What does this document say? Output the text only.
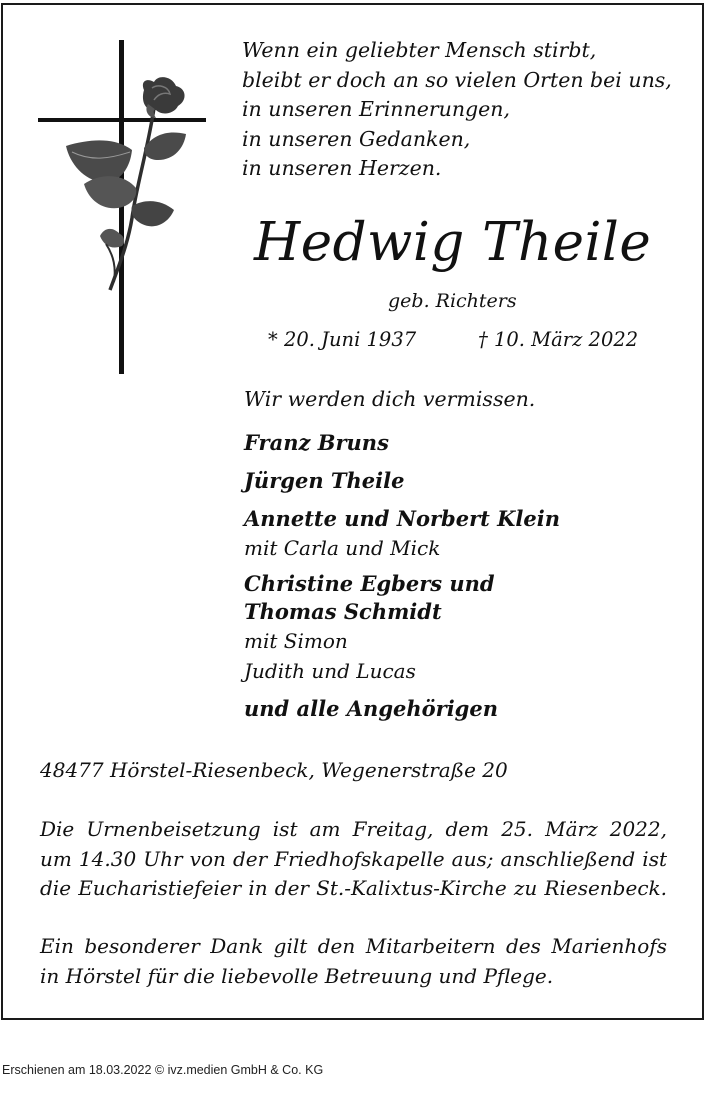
Wenn ein geliebter Mensch stirbt,
bleibt er doch an so vielen Orten bei uns,
in unseren Erinnerungen,
in unseren Gedanken,
in unseren Herzen.
Hedwig Theile
geb. Richters
* 20. Juni 1937	† 10. März 2022
Wir werden dich vermissen.
Franz Bruns
Jürgen Theile
Annette und Norbert Klein
mit Carla und Mick
Christine Egbers und
Thomas Schmidt
mit Simon
Judith und Lucas
und alle Angehörigen
48477 Hörstel-Riesenbeck, Wegenerstraße 20
Die Urnenbeisetzung ist am Freitag, dem 25. März 2022,
um 14.30 Uhr von der Friedhofskapelle aus; anschließend ist
die Eucharistiefeier in der St.-Kalixtus-Kirche zu Riesenbeck.
Ein besonderer Dank gilt den Mitarbeitern des Marienhofs
in Hörstel für die liebevolle Betreuung und Pflege.
Erschienen am 18.03.2022 © ivz.medien GmbH & Co. KG
